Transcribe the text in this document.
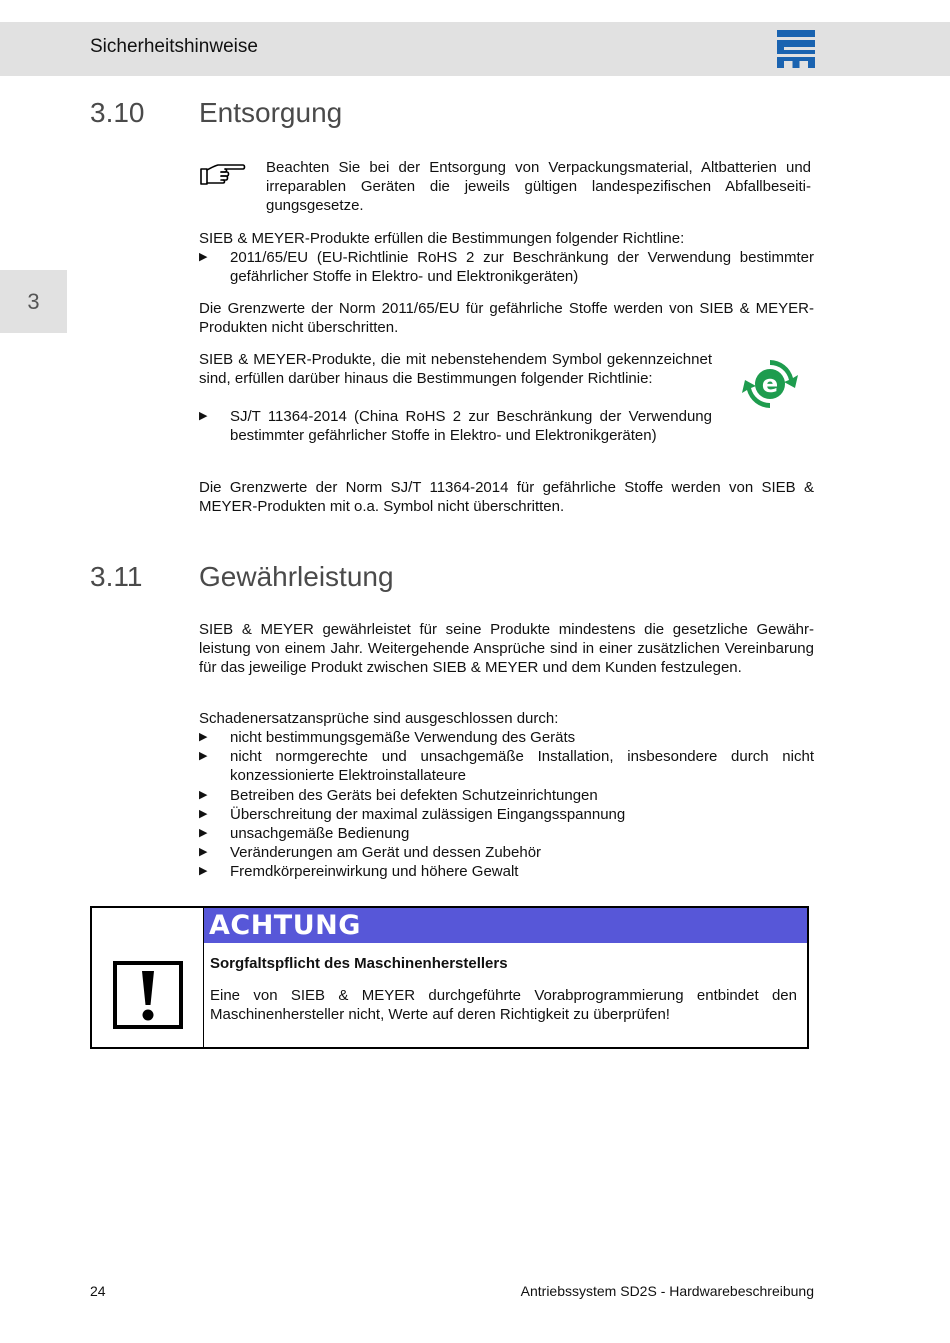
Sicherheitshinweise
3
3.10 Entsorgung

Beachten Sie bei der Entsorgung von Verpackungsmaterial, Altbatterien und irreparablen Geräten die jeweils gültigen landespezifischen Abfallbeseitigungsgesetze.

SIEB & MEYER-Produkte erfüllen die Bestimmungen folgender Richtline:

▶ 2011/65/EU (EU-Richtlinie RoHS 2 zur Beschränkung der Verwendung bestimmter gefährlicher Stoffe in Elektro- und Elektronikgeräten)

Die Grenzwerte der Norm 2011/65/EU für gefährliche Stoffe werden von SIEB & MEYER-Produkten nicht überschritten.

SIEB & MEYER-Produkte, die mit nebenstehendem Symbol gekennzeichnet sind, erfüllen darüber hinaus die Bestimmungen folgender Richtlinie:

▶ SJ/T 11364-2014 (China RoHS 2 zur Beschränkung der Verwendung bestimmter gefährlicher Stoffe in Elektro- und Elektronikgeräten)
e

Die Grenzwerte der Norm SJ/T 11364-2014 für gefährliche Stoffe werden von SIEB & MEYER-Produkten mit o.a. Symbol nicht überschritten.

3.11 Gewährleistung

SIEB & MEYER gewährleistet für seine Produkte mindestens die gesetzliche Gewährleistung von einem Jahr. Weitergehende Ansprüche sind in einer zusätzlichen Vereinbarung für das jeweilige Produkt zwischen SIEB & MEYER und dem Kunden festzulegen.

Schadenersatzansprüche sind ausgeschlossen durch:

▶ nicht bestimmungsgemäße Verwendung des Geräts
▶ nicht normgerechte und unsachgemäße Installation, insbesondere durch nicht konzessionierte Elektroinstallateure
▶ Betreiben des Geräts bei defekten Schutzeinrichtungen
▶ Überschreitung der maximal zulässigen Eingangsspannung
▶ unsachgemäße Bedienung
▶ Veränderungen am Gerät und dessen Zubehör
▶ Fremdkörpereinwirkung und höhere Gewalt
ACHTUNG
Sorgfaltspflicht des Maschinenherstellers

Eine von SIEB & MEYER durchgeführte Vorabprogrammierung entbindet den Maschinenhersteller nicht, Werte auf deren Richtigkeit zu überprüfen!

24	Antriebssystem SD2S - Hardwarebeschreibung
